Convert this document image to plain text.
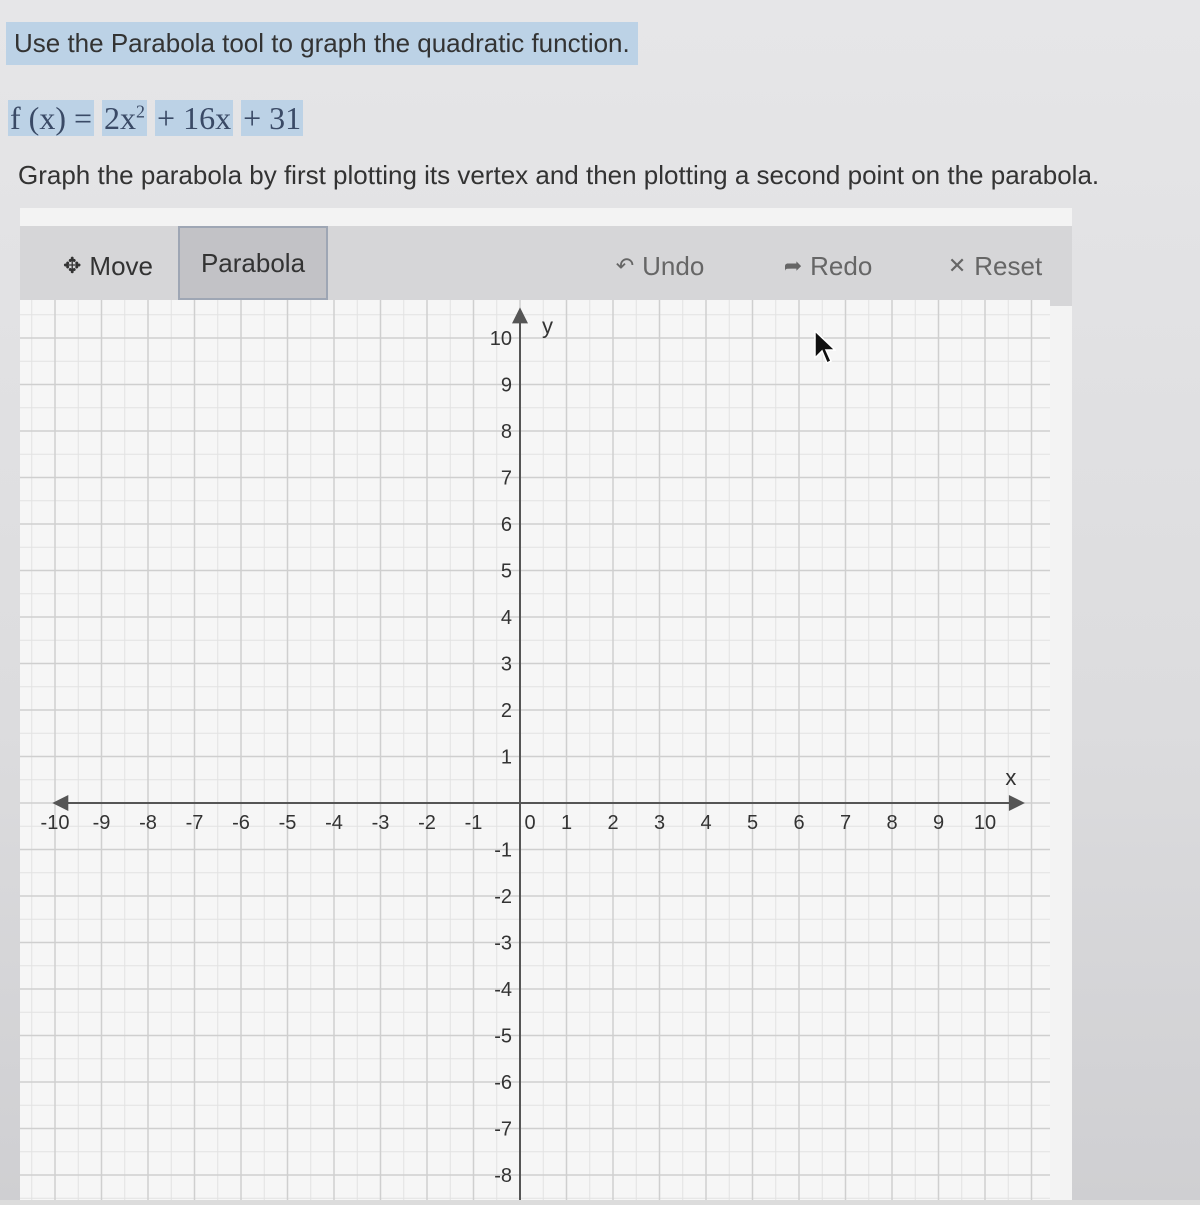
Use the Parabola tool to graph the quadratic function.
f $(x) = 2x^2 + 16x + 31$
Graph the parabola by first plotting its vertex and then plotting a second point on the parabola.
✥ Move Parabola	↶ Undo	➦ Redo	✕ Reset
x
y
-10 -9 -8 -7 -6 -5 -4 -3 -2 -1 0 1 2 3 4 5 6 7 8 9 10
10
9
8
7
6
5
4
3
2
1
-1
-2
-3
-4
-5
-6
-7
-8
